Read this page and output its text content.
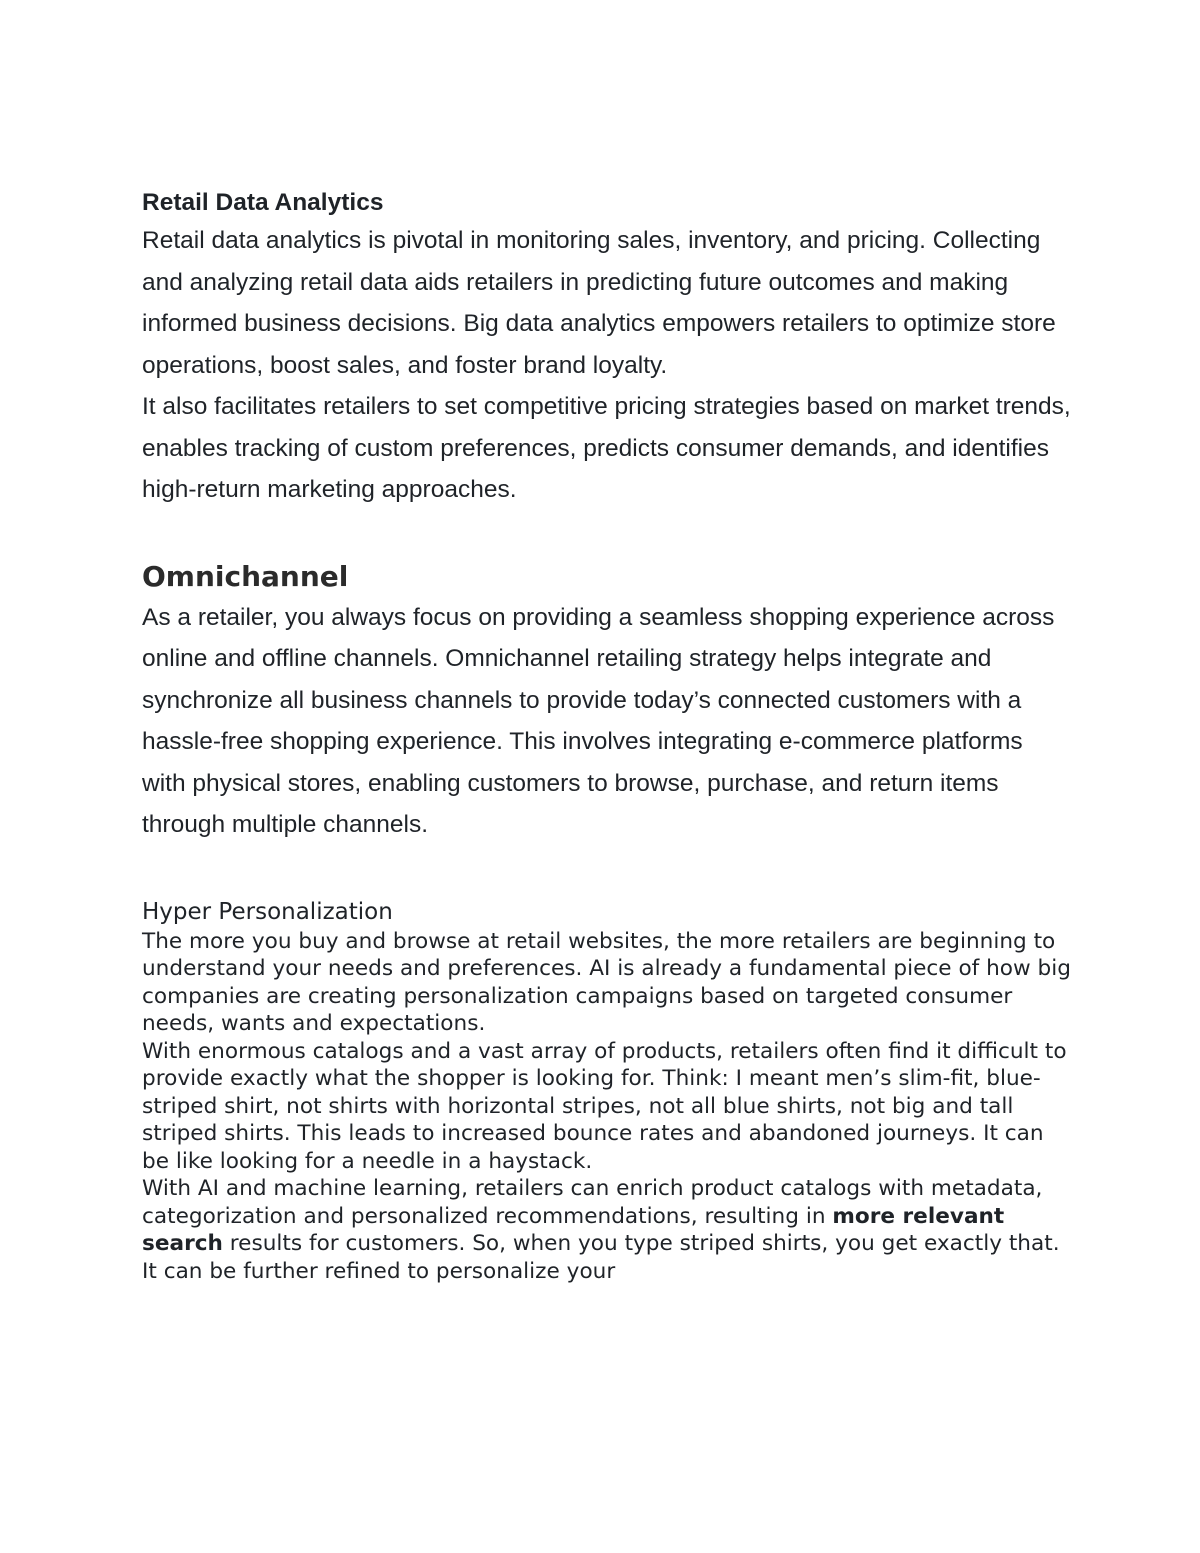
Retail Data Analytics

Retail data analytics is pivotal in monitoring sales, inventory, and pricing. Collecting and analyzing retail data aids retailers in predicting future outcomes and making informed business decisions. Big data analytics empowers retailers to optimize store operations, boost sales, and foster brand loyalty.

It also facilitates retailers to set competitive pricing strategies based on market trends, enables tracking of custom preferences, predicts consumer demands, and identifies high-return marketing approaches.

Omnichannel

As a retailer, you always focus on providing a seamless shopping experience across online and offline channels. Omnichannel retailing strategy helps integrate and synchronize all business channels to provide today’s connected customers with a hassle-free shopping experience. This involves integrating e-commerce platforms with physical stores, enabling customers to browse, purchase, and return items through multiple channels.

Hyper Personalization

The more you buy and browse at retail websites, the more retailers are beginning to understand your needs and preferences. AI is already a fundamental piece of how big companies are creating personalization campaigns based on targeted consumer needs, wants and expectations.

With enormous catalogs and a vast array of products, retailers often find it difficult to provide exactly what the shopper is looking for. Think: I meant men’s slim-fit, blue-striped shirt, not shirts with horizontal stripes, not all blue shirts, not big and tall striped shirts. This leads to increased bounce rates and abandoned journeys. It can be like looking for a needle in a haystack.

With AI and machine learning, retailers can enrich product catalogs with metadata, categorization and personalized recommendations, resulting in more relevant search results for customers. So, when you type striped shirts, you get exactly that. It can be further refined to personalize your
